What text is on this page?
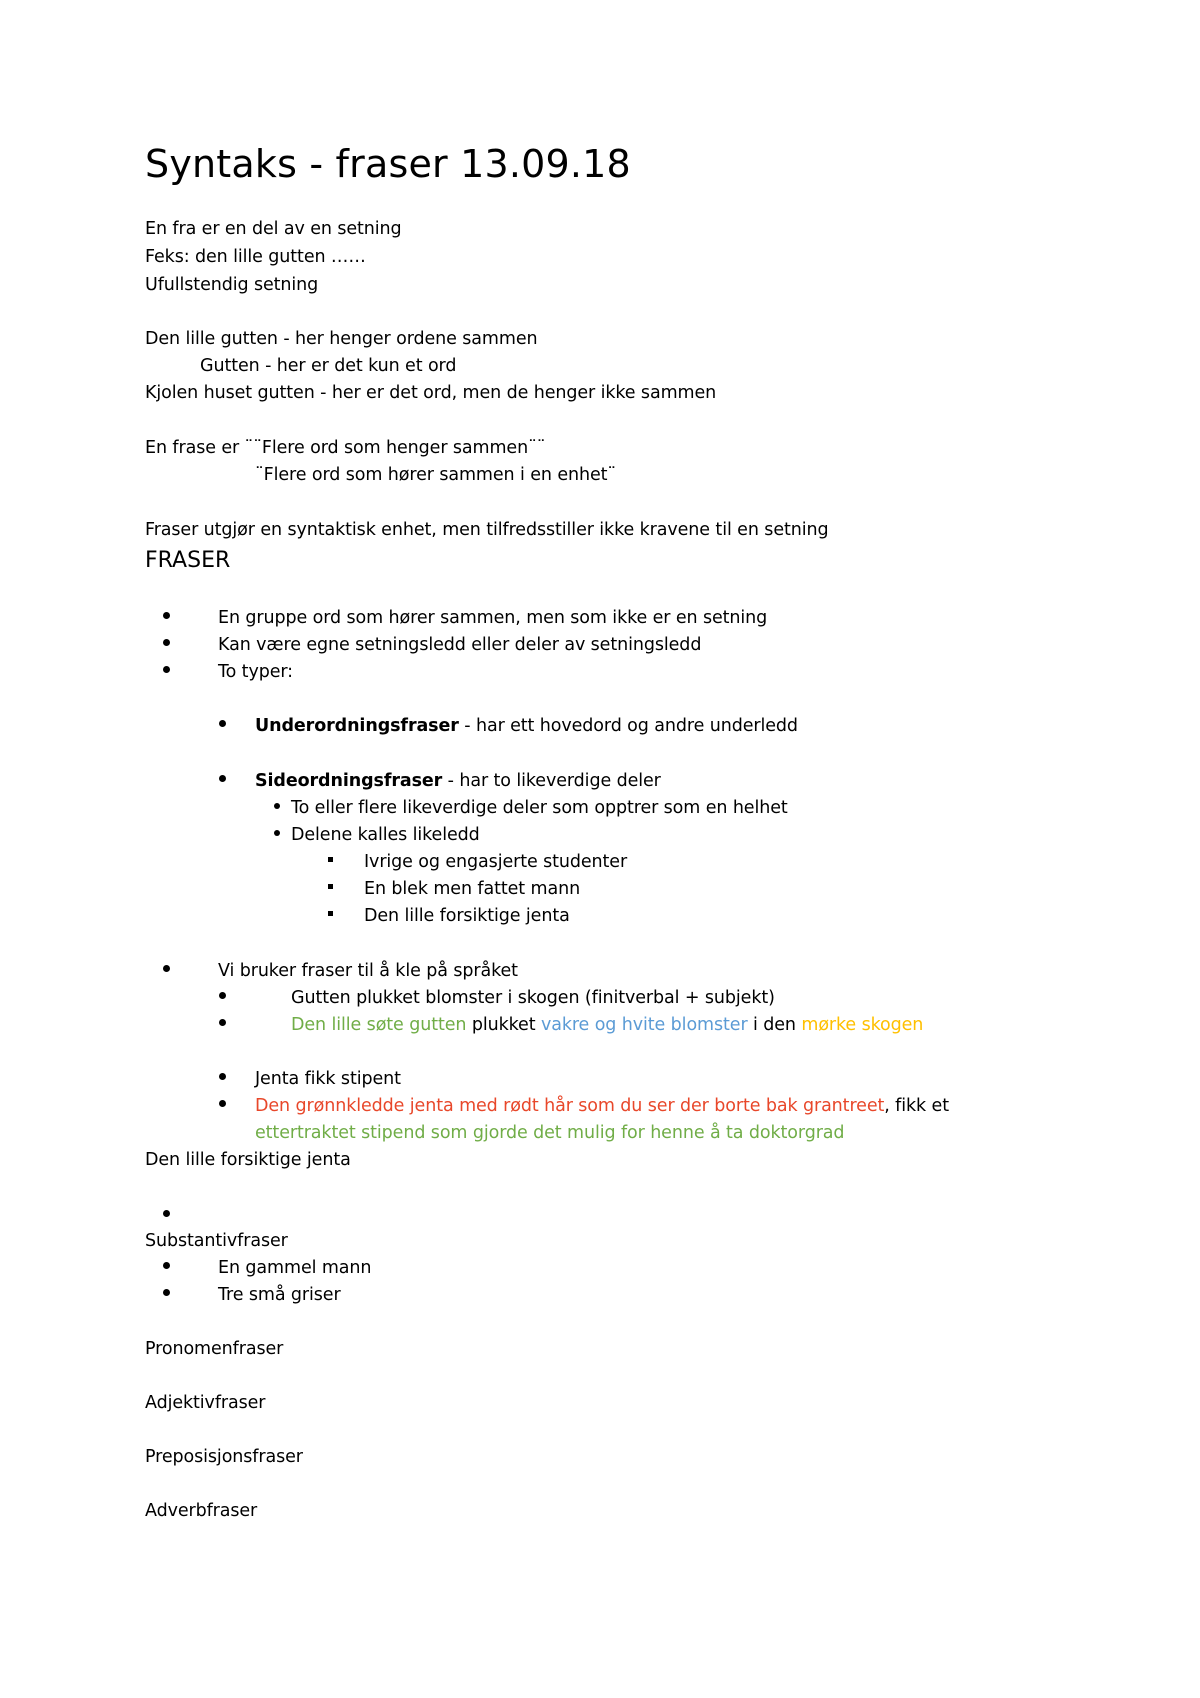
Syntaks - fraser 13.09.18
En fra er en del av en setning
Feks: den lille gutten ……
Ufullstendig setning
Den lille gutten - her henger ordene sammen
Gutten - her er det kun et ord
Kjolen huset gutten - her er det ord, men de henger ikke sammen
En frase er ¨¨Flere ord som henger sammen¨¨
¨Flere ord som hører sammen i en enhet¨
Fraser utgjør en syntaktisk enhet, men tilfredsstiller ikke kravene til en setning
FRASER
En gruppe ord som hører sammen, men som ikke er en setning
Kan være egne setningsledd eller deler av setningsledd
To typer:
Underordningsfraser - har ett hovedord og andre underledd
Sideordningsfraser - har to likeverdige deler
To eller flere likeverdige deler som opptrer som en helhet
Delene kalles likeledd
Ivrige og engasjerte studenter
En blek men fattet mann
Den lille forsiktige jenta
Vi bruker fraser til å kle på språket
Gutten plukket blomster i skogen (finitverbal + subjekt)
Den lille søte gutten plukket vakre og hvite blomster i den mørke skogen
Jenta fikk stipent
Den grønnkledde jenta med rødt hår som du ser der borte bak grantreet, fikk et
ettertraktet stipend som gjorde det mulig for henne å ta doktorgrad
Den lille forsiktige jenta
Substantivfraser
En gammel mann
Tre små griser
Pronomenfraser
Adjektivfraser
Preposisjonsfraser
Adverbfraser
